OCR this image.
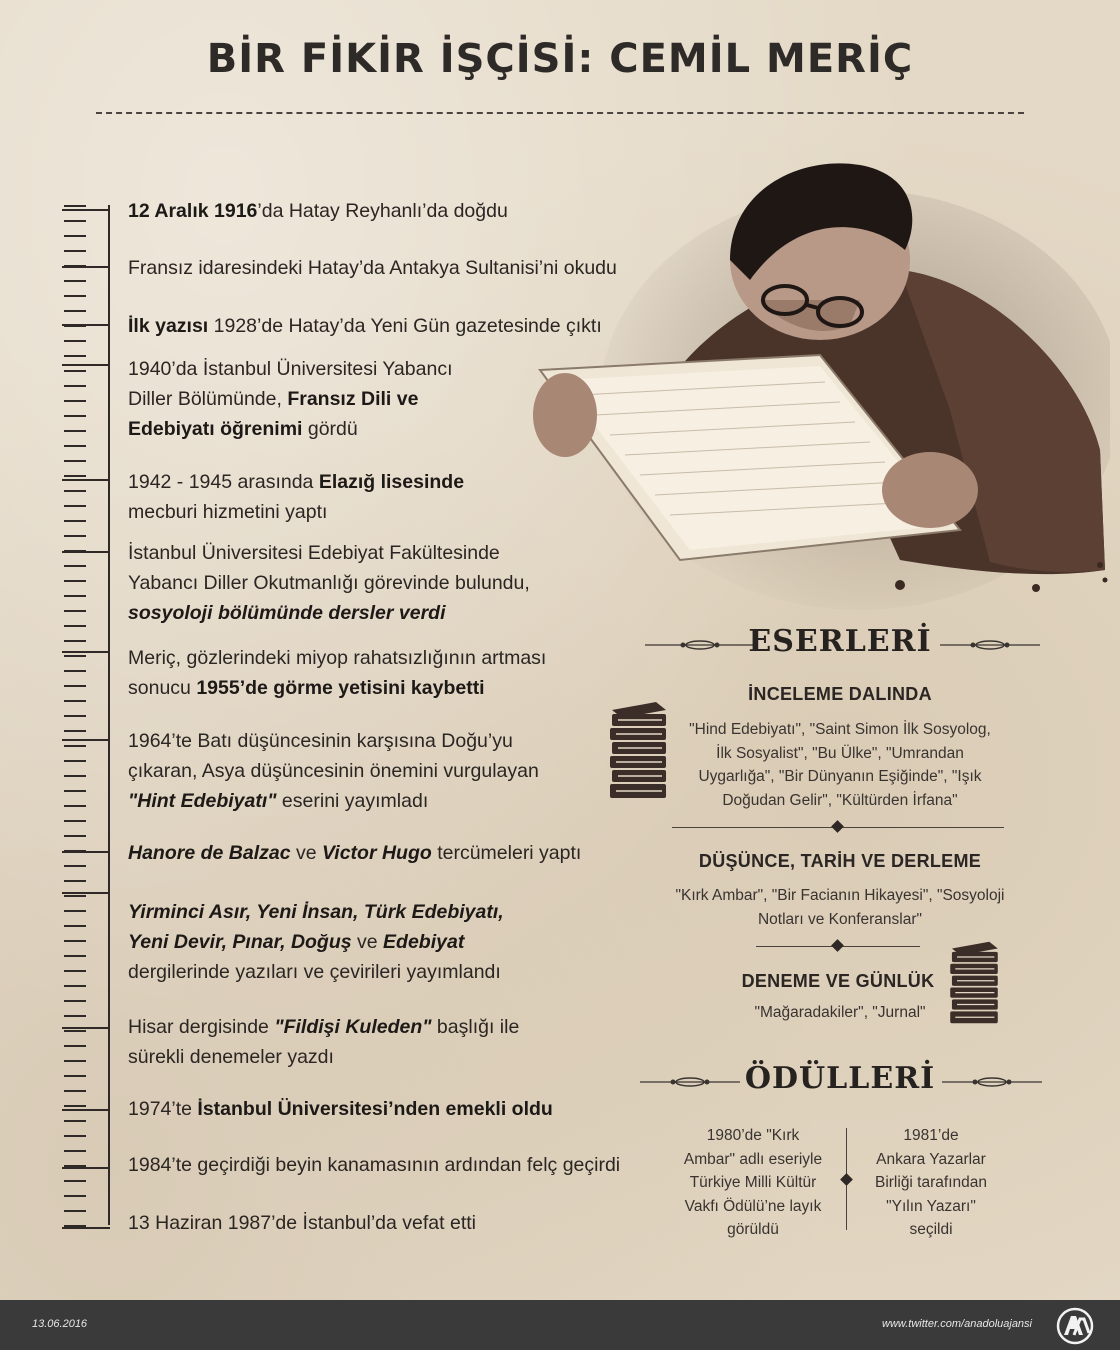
BİR FİKİR İŞÇİSİ: CEMİL MERİÇ
12 Aralık 1916’da Hatay Reyhanlı’da doğdu
Fransız idaresindeki Hatay’da Antakya Sultanisi’ni okudu
İlk yazısı 1928’de Hatay’da Yeni Gün gazetesinde çıktı
1940’da İstanbul Üniversitesi Yabancı Diller Bölümünde, Fransız Dili ve Edebiyatı öğrenimi gördü
1942 - 1945 arasında Elazığ lisesinde mecburi hizmetini yaptı
İstanbul Üniversitesi Edebiyat Fakültesinde Yabancı Diller Okutmanlığı görevinde bulundu, sosyoloji bölümünde dersler verdi
Meriç, gözlerindeki miyop rahatsızlığının artması sonucu 1955’de görme yetisini kaybetti
1964’te Batı düşüncesinin karşısına Doğu’yu çıkaran, Asya düşüncesinin önemini vurgulayan "Hint Edebiyatı" eserini yayımladı
Hanore de Balzac ve Victor Hugo tercümeleri yaptı
Yirminci Asır, Yeni İnsan, Türk Edebiyatı, Yeni Devir, Pınar, Doğuş ve Edebiyat dergilerinde yazıları ve çevirileri yayımlandı
Hisar dergisinde "Fildişi Kuleden" başlığı ile sürekli denemeler yazdı
1974’te İstanbul Üniversitesi’nden emekli oldu
1984’te geçirdiği beyin kanamasının ardından felç geçirdi
13 Haziran 1987’de İstanbul’da vefat etti
ESERLERİ
İNCELEME DALINDA
"Hind Edebiyatı", "Saint Simon İlk Sosyolog,
İlk Sosyalist", "Bu Ülke", "Umrandan
Uygarlığa", "Bir Dünyanın Eşiğinde", "Işık
Doğudan Gelir", "Kültürden İrfana"
DÜŞÜNCE, TARİH VE DERLEME
"Kırk Ambar", "Bir Facianın Hikayesi", "Sosyoloji
Notları ve Konferanslar"
DENEME VE GÜNLÜK
"Mağaradakiler", "Jurnal"
ÖDÜLLERİ
1980’de "Kırk
Ambar" adlı eseriyle
Türkiye Milli Kültür
Vakfı Ödülü’ne layık
görüldü
1981’de
Ankara Yazarlar
Birliği tarafından
"Yılın Yazarı"
seçildi
13.06.2016	www.twitter.com/anadoluajansi
